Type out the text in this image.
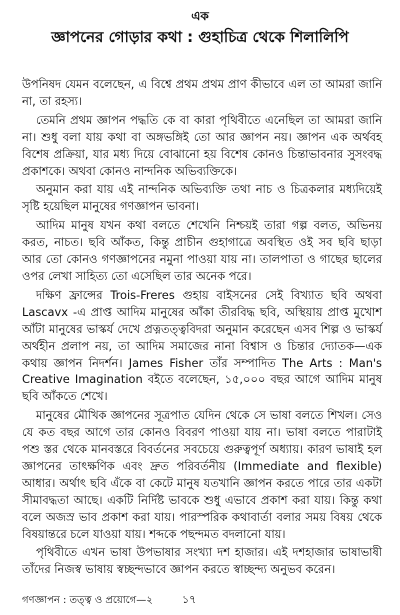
এক
জ্ঞাপনের গোড়ার কথা : গুহাচিত্র থেকে শিলালিপি

উপনিষদ যেমন বলেছেন, এ বিশ্বে প্রথম প্রথম প্রাণ কীভাবে এল তা আমরা জানি না, তা রহস্য।

তেমনি প্রথম জ্ঞাপন পদ্ধতি কে বা কারা পৃথিবীতে এনেছিল তা আমরা জানি না। শুধু বলা যায় কথা বা অঙ্গভঙ্গিই তো আর জ্ঞাপন নয়। জ্ঞাপন এক অর্থবহ বিশেষ প্রক্রিয়া, যার মধ্য দিয়ে বোঝানো হয় বিশেষ কোনও চিন্তাভাবনার সুসংবদ্ধ প্রকাশকে। অথবা কোনও নান্দনিক অভিব্যক্তিকে।

অনুমান করা যায় এই নান্দনিক অভিব্যক্তি তথা নাচ ও চিত্রকলার মধ্যদিয়েই সৃষ্টি হয়েছিল মানুষের গণজ্ঞাপন ভাবনা।

আদিম মানুষ যখন কথা বলতে শেখেনি নিশ্চয়ই তারা গল্প বলত, অভিনয় করত, নাচত। ছবি আঁকত, কিন্তু প্রাচীন গুহাগাত্রে অবস্থিত ওই সব ছবি ছাড়া আর তো কোনও গণজ্ঞাপনের নমুনা পাওয়া যায় না। তালপাতা ও গাছের ছালের ওপর লেখা সাহিত্য তো এসেছিল তার অনেক পরে।

দক্ষিণ ফ্রান্সের Trois-Freres গুহায় বাইসনের সেই বিখ্যাত ছবি অথবা Lascavx -এ প্রাপ্ত আদিম মানুষের আঁকা তীরবিদ্ধ ছবি, অস্থিয়ায় প্রাপ্ত মুখোশ আঁটা মানুষের ভাস্কর্য দেখে প্রত্নতত্ত্ববিদরা অনুমান করেছেন এসব শিল্প ও ভাস্কর্য অর্থহীন প্রলাপ নয়, তা আদিম সমাজের নানা বিশ্বাস ও চিন্তার দ্যোতক—এক কথায় জ্ঞাপন নিদর্শন। James Fisher তাঁর সম্পাদিত The Arts : Man's Creative Imagination বইতে বলেছেন, ১৫,০০০ বছর আগে আদিম মানুষ ছবি আঁকতে শেখে।

মানুষের মৌখিক জ্ঞাপনের সূত্রপাত যেদিন থেকে সে ভাষা বলতে শিখল। সেও যে কত বছর আগে তার কোনও বিবরণ পাওয়া যায় না। ভাষা বলতে পারাটাই পশু স্তর থেকে মানবস্তরে বিবর্তনের সবচেয়ে গুরুত্বপূর্ণ অধ্যায়। কারণ ভাষাই হল জ্ঞাপনের তাৎক্ষণিক এবং দ্রুত পরিবর্তনীয় (Immediate and flexible) আধার। অর্থাৎ ছবি এঁকে বা কেটে মানুষ যতখানি জ্ঞাপন করতে পারে তার একটা সীমাবদ্ধতা আছে। একটি নির্দিষ্ট ভাবকে শুধু এভাবে প্রকাশ করা যায়। কিন্তু কথা বলে অজস্র ভাব প্রকাশ করা যায়। পারস্পরিক কথাবার্তা বলার সময় বিষয় থেকে বিষয়ান্তরে চলে যাওয়া যায়। শব্দকে পছন্দমত বদলানো যায়।

পৃথিবীতে এখন ভাষা উপভাষার সংখ্যা দশ হাজার। এই দশহাজার ভাষাভাষী তাঁদের নিজস্ব ভাষায় স্বচ্ছন্দভাবে জ্ঞাপন করতে স্বাচ্ছন্দ্য অনুভব করেন।

গণজ্ঞাপন : তত্ত্ব ও প্রয়োগে—২	১৭
